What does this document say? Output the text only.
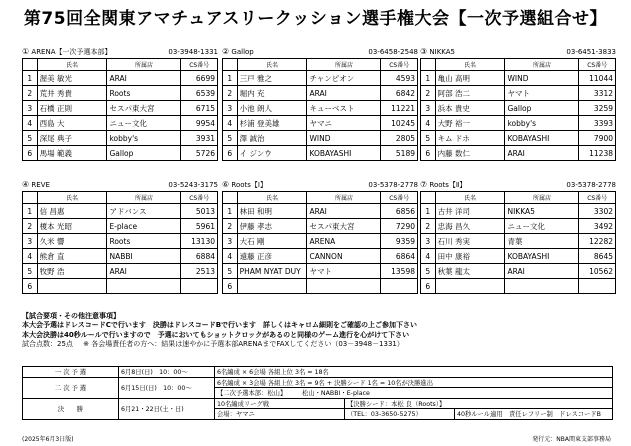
第75回全関東アマチュアスリークッション選手権大会【一次予選組合せ】
① ARENA【一次予選本部】	03-3948-1331
	氏名	所属店	CS番号
1	渥美 敏光	ARAI	6699
2	荒井 秀貴	Roots	6539
3	石橋 正則	セスパ東大宮	6715
4	西島 大	ニュー文化	9954
5	深尾 典子	kobby's	3931
6	馬場 範義	Gallop	5726
② Gallop	03-6458-2548
	氏名	所属店	CS番号
1	三戸 雅之	チャンピオン	4593
2	堀内 充	ARAI	6842
3	小池 朗人	キューベスト	11221
4	杉浦 登美雄	ヤマニ	10245
5	澤 誠治	WIND	2805
6	イ ジンウ	KOBAYASHI	5189
③ NIKKA5	03-6451-3833
	氏名	所属店	CS番号
1	亀山 高明	WIND	11044
2	阿部 浩二	ヤマト	3312
3	浜本 貴史	Gallop	3259
4	大野 裕一	kobby's	3393
5	キム ドホ	KOBAYASHI	7900
6	内藤 数仁	ARAI	11238
④ REVE	03-5243-3175
	氏名	所属店	CS番号
1	信 昌惠	アドバンス	5013
2	榎本 光昭	E-place	5961
3	久米 響	Roots	13130
4	熊倉 直	NABBI	6884
5	牧野 浩	ARAI	2513
6			
⑥ Roots【Ⅰ】	03-5378-2778
	氏名	所属店	CS番号
1	林田 和明	ARAI	6856
2	伊藤 孝志	セスパ東大宮	7290
3	大石 剛	ARENA	9359
4	遠藤 正彦	CANNON	6864
5	PHAM NYAT DUY	ヤマト	13598
6			
⑦ Roots【Ⅱ】	03-5378-2778
	氏名	所属店	CS番号
1	古井 洋司	NIKKA5	3302
2	忠海 昌久	ニュー文化	3492
3	石川 秀実	青葉	12282
4	田中 康裕	KOBAYASHI	8645
5	秋葉 龍太	ARAI	10562
6			
【試合要項・その他注意事項】
本大会予選はドレスコードCで行います　決勝はドレスコードBで行います　詳しくはキャロム細則をご確認の上ご参加下さい
本大会決勝は40秒ルールで行いますので　予選においてもショットクロックがあるのと同様のゲーム進行を心がけて下さい
試合点数：25点 ※ 各会場責任者の方へ：結果は速やかに予選本部ARENAまでFAXしてください（03－3948－1331）
一 次 予 選	6月8日(日)　10：00～	6名編成 × 6会場 各組上位 3名 = 18名		
二 次 予 選	6月15日(日)　10：00～	6名編成 × 3会場 各組上位 3名 = 9名 + 決勝シード 1名 = 10名が決勝進出		
		【二次予選本部：松山】　　　松山・NABBI・E-place		
決　　勝	6月21・22日(土・日)	10名編成リーグ戦	【決勝シード：本松 良（Roots）】	
		会場：ヤマニ	（TEL：03-3650-5275）	40秒ルール適用　責任レフリー制　ドレスコードB
(2025年6月3日版)	発行元：NBA関東支部事務局
